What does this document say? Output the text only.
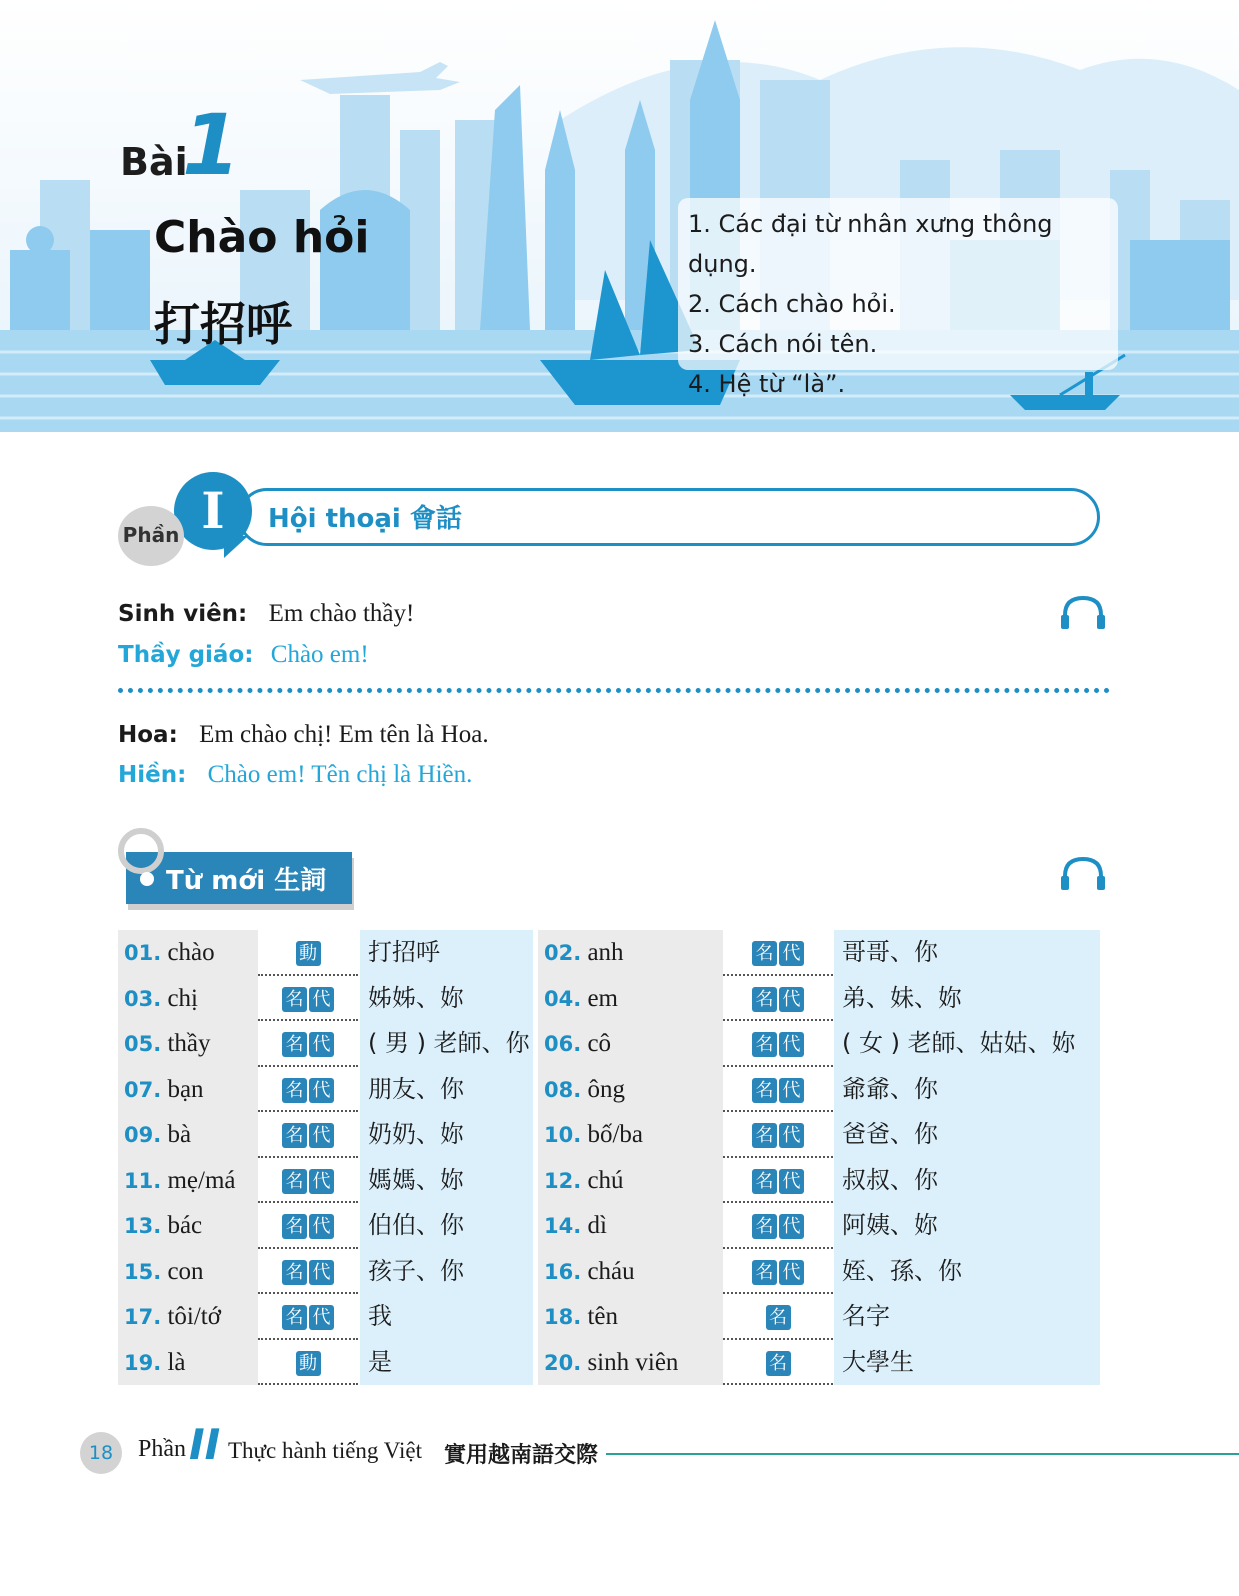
Bài
1
Chào hỏi
打招呼
1. Các đại từ nhân xưng thông dụng.
2. Cách chào hỏi.
3. Cách nói tên.
4. Hệ từ “là”.
Hội thoại 會話
I
Phần
Sinh viên: Em chào thầy!
Thầy giáo: Chào em!
Hoa: Em chào chị! Em tên là Hoa.
Hiền: Chào em! Tên chị là Hiền.
Từ mới 生詞
01. chào	動	打招呼	02. anh	名 代	哥哥、你
03. chị	名 代	姊姊、妳	04. em	名 代	弟、妹、妳
05. thầy	名 代	( 男 ) 老師、你 06. cô	名 代	( 女 ) 老師、姑姑、妳
07. bạn	名 代	朋友、你	08. ông	名 代	爺爺、你
09. bà	名 代	奶奶、妳	10. bố/ba	名 代	爸爸、你
11. mẹ/má	名 代	媽媽、妳	12. chú	名 代	叔叔、你
13. bác	名 代	伯伯、你	14. dì	名 代	阿姨、妳
15. con	名 代	孩子、你	16. cháu	名 代	姪、孫、你
17. tôi/tớ	名 代	我	18. tên	名	名字
19. là	動	是	20. sinh viên	名	大學生
18	Phần II Thực hành tiếng Việt 實用越南語交際
